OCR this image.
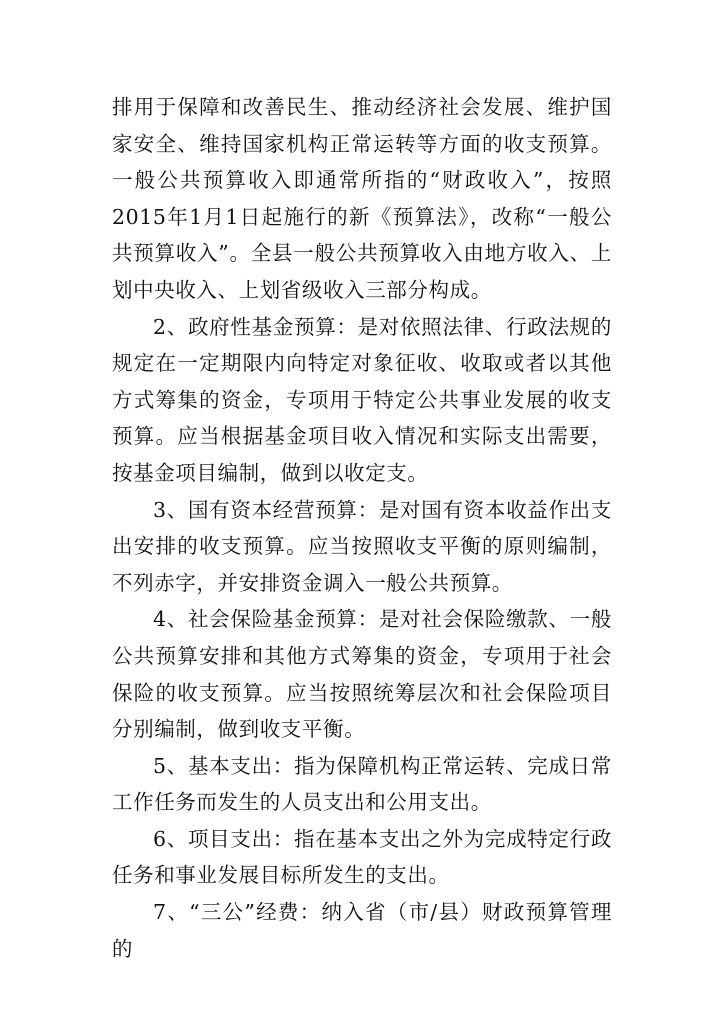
排用于保障和改善民生、推动经济社会发展、维护国家安全、维持国家机构正常运转等方面的收支预算。一般公共预算收入即通常所指的“财政收入”，按照2015年1月1日起施行的新《预算法》，改称“一般公共预算收入”。全县一般公共预算收入由地方收入、上划中央收入、上划省级收入三部分构成。

2、政府性基金预算：是对依照法律、行政法规的规定在一定期限内向特定对象征收、收取或者以其他方式筹集的资金，专项用于特定公共事业发展的收支预算。应当根据基金项目收入情况和实际支出需要，按基金项目编制，做到以收定支。

3、国有资本经营预算：是对国有资本收益作出支出安排的收支预算。应当按照收支平衡的原则编制，不列赤字，并安排资金调入一般公共预算。

4、社会保险基金预算：是对社会保险缴款、一般公共预算安排和其他方式筹集的资金，专项用于社会保险的收支预算。应当按照统筹层次和社会保险项目分别编制，做到收支平衡。

5、基本支出：指为保障机构正常运转、完成日常工作任务而发生的人员支出和公用支出。

6、项目支出：指在基本支出之外为完成特定行政任务和事业发展目标所发生的支出。

7、“三公”经费：纳入省（市/县）财政预算管理的
